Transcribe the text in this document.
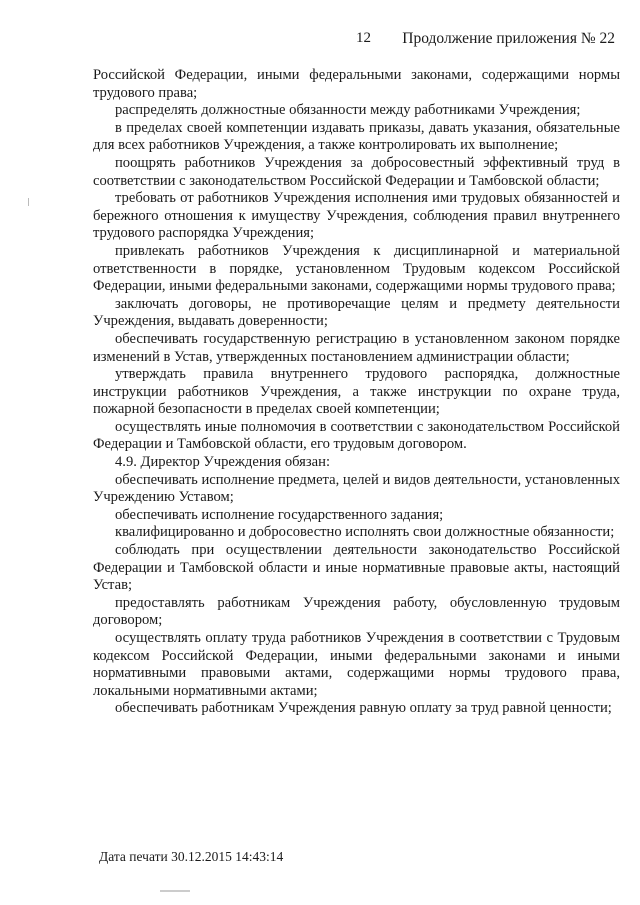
12 Продолжение приложения № 22

Российской Федерации, иными федеральными законами, содержащими нормы трудового права;

распределять должностные обязанности между работниками Учреждения;

в пределах своей компетенции издавать приказы, давать указания, обязательные для всех работников Учреждения, а также контролировать их выполнение;

поощрять работников Учреждения за добросовестный эффективный труд в соответствии с законодательством Российской Федерации и Тамбовской области;

требовать от работников Учреждения исполнения ими трудовых обязанностей и бережного отношения к имуществу Учреждения, соблюдения правил внутреннего трудового распорядка Учреждения;

привлекать работников Учреждения к дисциплинарной и материальной ответственности в порядке, установленном Трудовым кодексом Российской Федерации, иными федеральными законами, содержащими нормы трудового права;

заключать договоры, не противоречащие целям и предмету деятельности Учреждения, выдавать доверенности;

обеспечивать государственную регистрацию в установленном законом порядке изменений в Устав, утвержденных постановлением администрации области;

утверждать правила внутреннего трудового распорядка, должностные инструкции работников Учреждения, а также инструкции по охране труда, пожарной безопасности в пределах своей компетенции;

осуществлять иные полномочия в соответствии с законодательством Российской Федерации и Тамбовской области, его трудовым договором.

4.9. Директор Учреждения обязан:

обеспечивать исполнение предмета, целей и видов деятельности, установленных Учреждению Уставом;

обеспечивать исполнение государственного задания;

квалифицированно и добросовестно исполнять свои должностные обязанности;

соблюдать при осуществлении деятельности законодательство Российской Федерации и Тамбовской области и иные нормативные правовые акты, настоящий Устав;

предоставлять работникам Учреждения работу, обусловленную трудовым договором;

осуществлять оплату труда работников Учреждения в соответствии с Трудовым кодексом Российской Федерации, иными федеральными законами и иными нормативными правовыми актами, содержащими нормы трудового права, локальными нормативными актами;

обеспечивать работникам Учреждения равную оплату за труд равной ценности;

Дата печати 30.12.2015 14:43:14
